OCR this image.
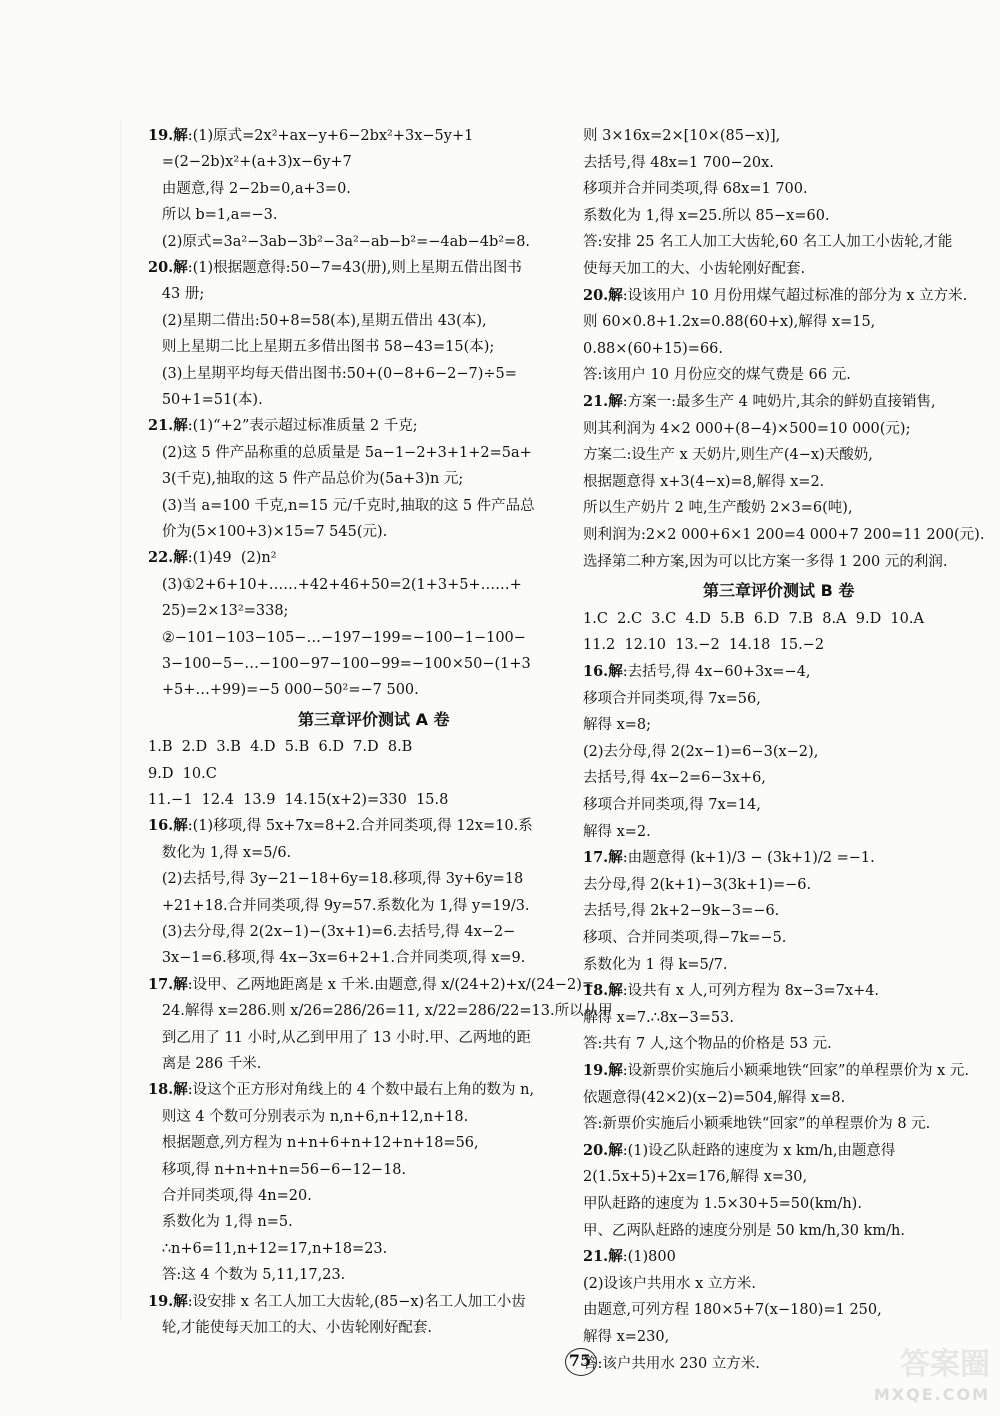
19.解:(1)原式=2x²+ax−y+6−2bx²+3x−5y+1
=(2−2b)x²+(a+3)x−6y+7
由题意,得 2−2b=0,a+3=0.
所以 b=1,a=−3.
(2)原式=3a²−3ab−3b²−3a²−ab−b²=−4ab−4b²=8.
20.解:(1)根据题意得:50−7=43(册),则上星期五借出图书
43 册;
(2)星期二借出:50+8=58(本),星期五借出 43(本),
则上星期二比上星期五多借出图书 58−43=15(本);
(3)上星期平均每天借出图书:50+(0−8+6−2−7)÷5=
50+1=51(本).
21.解:(1)“+2”表示超过标准质量 2 千克;
(2)这 5 件产品称重的总质量是 5a−1−2+3+1+2=5a+
3(千克),抽取的这 5 件产品总价为(5a+3)n 元;
(3)当 a=100 千克,n=15 元/千克时,抽取的这 5 件产品总
价为(5×100+3)×15=7 545(元).
22.解:(1)49  (2)n²
(3)①2+6+10+……+42+46+50=2(1+3+5+……+
25)=2×13²=338;
②−101−103−105−…−197−199=−100−1−100−
3−100−5−…−100−97−100−99=−100×50−(1+3
+5+…+99)=−5 000−50²=−7 500.
第三章评价测试 A 卷
1.B  2.D  3.B  4.D  5.B  6.D  7.D  8.B
9.D  10.C
11.−1  12.4  13.9  14.15(x+2)=330  15.8
16.解:(1)移项,得 5x+7x=8+2.合并同类项,得 12x=10.系
数化为 1,得 x=5/6.
(2)去括号,得 3y−21−18+6y=18.移项,得 3y+6y=18
+21+18.合并同类项,得 9y=57.系数化为 1,得 y=19/3.
(3)去分母,得 2(2x−1)−(3x+1)=6.去括号,得 4x−2−
3x−1=6.移项,得 4x−3x=6+2+1.合并同类项,得 x=9.
17.解:设甲、乙两地距离是 x 千米.由题意,得 x/(24+2)+x/(24−2)=
24.解得 x=286.则 x/26=286/26=11, x/22=286/22=13.所以从甲
到乙用了 11 小时,从乙到甲用了 13 小时.甲、乙两地的距
离是 286 千米.
18.解:设这个正方形对角线上的 4 个数中最右上角的数为 n,
则这 4 个数可分别表示为 n,n+6,n+12,n+18.
根据题意,列方程为 n+n+6+n+12+n+18=56,
移项,得 n+n+n+n=56−6−12−18.
合并同类项,得 4n=20.
系数化为 1,得 n=5.
∴n+6=11,n+12=17,n+18=23.
答:这 4 个数为 5,11,17,23.
19.解:设安排 x 名工人加工大齿轮,(85−x)名工人加工小齿
轮,才能使每天加工的大、小齿轮刚好配套.
则 3×16x=2×[10×(85−x)],
去括号,得 48x=1 700−20x.
移项并合并同类项,得 68x=1 700.
系数化为 1,得 x=25.所以 85−x=60.
答:安排 25 名工人加工大齿轮,60 名工人加工小齿轮,才能
使每天加工的大、小齿轮刚好配套.
20.解:设该用户 10 月份用煤气超过标准的部分为 x 立方米.
则 60×0.8+1.2x=0.88(60+x),解得 x=15,
0.88×(60+15)=66.
答:该用户 10 月份应交的煤气费是 66 元.
21.解:方案一:最多生产 4 吨奶片,其余的鲜奶直接销售,
则其利润为 4×2 000+(8−4)×500=10 000(元);
方案二:设生产 x 天奶片,则生产(4−x)天酸奶,
根据题意得 x+3(4−x)=8,解得 x=2.
所以生产奶片 2 吨,生产酸奶 2×3=6(吨),
则利润为:2×2 000+6×1 200=4 000+7 200=11 200(元).
选择第二种方案,因为可以比方案一多得 1 200 元的利润.
第三章评价测试 B 卷
1.C  2.C  3.C  4.D  5.B  6.D  7.B  8.A  9.D  10.A
11.2  12.10  13.−2  14.18  15.−2
16.解:去括号,得 4x−60+3x=−4,
移项合并同类项,得 7x=56,
解得 x=8;
(2)去分母,得 2(2x−1)=6−3(x−2),
去括号,得 4x−2=6−3x+6,
移项合并同类项,得 7x=14,
解得 x=2.
17.解:由题意得 (k+1)/3 − (3k+1)/2 =−1.
去分母,得 2(k+1)−3(3k+1)=−6.
去括号,得 2k+2−9k−3=−6.
移项、合并同类项,得−7k=−5.
系数化为 1 得 k=5/7.
18.解:设共有 x 人,可列方程为 8x−3=7x+4.
解得 x=7.∴8x−3=53.
答:共有 7 人,这个物品的价格是 53 元.
19.解:设新票价实施后小颖乘地铁“回家”的单程票价为 x 元.
依题意得(42×2)(x−2)=504,解得 x=8.
答:新票价实施后小颖乘地铁“回家”的单程票价为 8 元.
20.解:(1)设乙队赶路的速度为 x km/h,由题意得
2(1.5x+5)+2x=176,解得 x=30,
甲队赶路的速度为 1.5×30+5=50(km/h).
甲、乙两队赶路的速度分别是 50 km/h,30 km/h.
21.解:(1)800
(2)设该户共用水 x 立方米.
由题意,可列方程 180×5+7(x−180)=1 250,
解得 x=230,
答:该户共用水 230 立方米.
75	答案圈
MXQE.COM
